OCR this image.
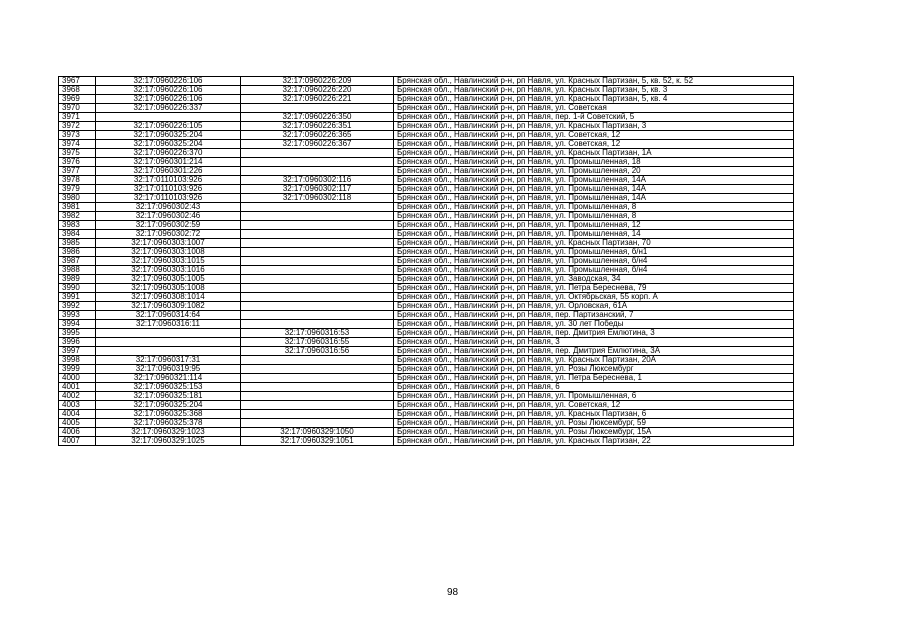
3967	32:17:0960226:106	32:17:0960226:209	Брянская обл., Навлинский р-н, рп Навля, ул. Красных Партизан, 5, кв. 52, к. 52
3968	32:17:0960226:106	32:17:0960226:220	Брянская обл., Навлинский р-н, рп Навля, ул. Красных Партизан, 5, кв. 3
3969	32:17:0960226:106	32:17:0960226:221	Брянская обл., Навлинский р-н, рп Навля, ул. Красных Партизан, 5, кв. 4
3970	32:17:0960226:337		Брянская обл., Навлинский р-н, рп Навля, ул. Советская
3971		32:17:0960226:350	Брянская обл., Навлинский р-н, рп Навля, пер. 1-й Советский, 5
3972	32:17:0960226:105	32:17:0960226:351	Брянская обл., Навлинский р-н, рп Навля, ул. Красных Партизан, 3
3973	32:17:0960325:204	32:17:0960226:365	Брянская обл., Навлинский р-н, рп Навля, ул. Советская, 12
3974	32:17:0960325:204	32:17:0960226:367	Брянская обл., Навлинский р-н, рп Навля, ул. Советская, 12
3975	32:17:0960226:370		Брянская обл., Навлинский р-н, рп Навля, ул. Красных Партизан, 1А
3976	32:17:0960301:214		Брянская обл., Навлинский р-н, рп Навля, ул. Промышленная, 18
3977	32:17:0960301:226		Брянская обл., Навлинский р-н, рп Навля, ул. Промышленная, 20
3978	32:17:0110103:926	32:17:0960302:116	Брянская обл., Навлинский р-н, рп Навля, ул. Промышленная, 14А
3979	32:17:0110103:926	32:17:0960302:117	Брянская обл., Навлинский р-н, рп Навля, ул. Промышленная, 14А
3980	32:17:0110103:926	32:17:0960302:118	Брянская обл., Навлинский р-н, рп Навля, ул. Промышленная, 14А
3981	32:17:0960302:43		Брянская обл., Навлинский р-н, рп Навля, ул. Промышленная, 8
3982	32:17:0960302:46		Брянская обл., Навлинский р-н, рп Навля, ул. Промышленная, 8
3983	32:17:0960302:59		Брянская обл., Навлинский р-н, рп Навля, ул. Промышленная, 12
3984	32:17:0960302:72		Брянская обл., Навлинский р-н, рп Навля, ул. Промышленная, 14
3985	32:17:0960303:1007		Брянская обл., Навлинский р-н, рп Навля, ул. Красных Партизан, 70
3986	32:17:0960303:1008		Брянская обл., Навлинский р-н, рп Навля, ул. Промышленная, б/н1
3987	32:17:0960303:1015		Брянская обл., Навлинский р-н, рп Навля, ул. Промышленная, б/н4
3988	32:17:0960303:1016		Брянская обл., Навлинский р-н, рп Навля, ул. Промышленная, б/н4
3989	32:17:0960305:1005		Брянская обл., Навлинский р-н, рп Навля, ул. Заводская, 34
3990	32:17:0960305:1008		Брянская обл., Навлинский р-н, рп Навля, ул. Петра Бересневa, 79
3991	32:17:0960308:1014		Брянская обл., Навлинский р-н, рп Навля, ул. Октябрьская, 55 корп. А
3992	32:17:0960309:1082		Брянская обл., Навлинский р-н, рп Навля, ул. Орловская, 61А
3993	32:17:0960314:64		Брянская обл., Навлинский р-н, рп Навля, пер. Партизанский, 7
3994	32:17:0960316:11		Брянская обл., Навлинский р-н, рп Навля, ул. 30 лет Победы
3995		32:17:0960316:53	Брянская обл., Навлинский р-н, рп Навля, пер. Дмитрия Емлютина, 3
3996		32:17:0960316:55	Брянская обл., Навлинский р-н, рп Навля, 3
3997		32:17:0960316:56	Брянская обл., Навлинский р-н, рп Навля, пер. Дмитрия Емлютина, 3А
3998	32:17:0960317:31		Брянская обл., Навлинский р-н, рп Навля, ул. Красных Партизан, 20А
3999	32:17:0960319:95		Брянская обл., Навлинский р-н, рп Навля, ул. Розы Люксембург
4000	32:17:0960321:114		Брянская обл., Навлинский р-н, рп Навля, ул. Петра Бересневa, 1
4001	32:17:0960325:153		Брянская обл., Навлинский р-н, рп Навля, 6
4002	32:17:0960325:181		Брянская обл., Навлинский р-н, рп Навля, ул. Промышленная, 6
4003	32:17:0960325:204		Брянская обл., Навлинский р-н, рп Навля, ул. Советская, 12
4004	32:17:0960325:368		Брянская обл., Навлинский р-н, рп Навля, ул. Красных Партизан, 6
4005	32:17:0960325:378		Брянская обл., Навлинский р-н, рп Навля, ул. Розы Люксембург, 59
4006	32:17:0960329:1023	32:17:0960329:1050	Брянская обл., Навлинский р-н, рп Навля, ул. Розы Люксембург, 15А
4007	32:17:0960329:1025	32:17:0960329:1051	Брянская обл., Навлинский р-н, рп Навля, ул. Красных Партизан, 22
98
